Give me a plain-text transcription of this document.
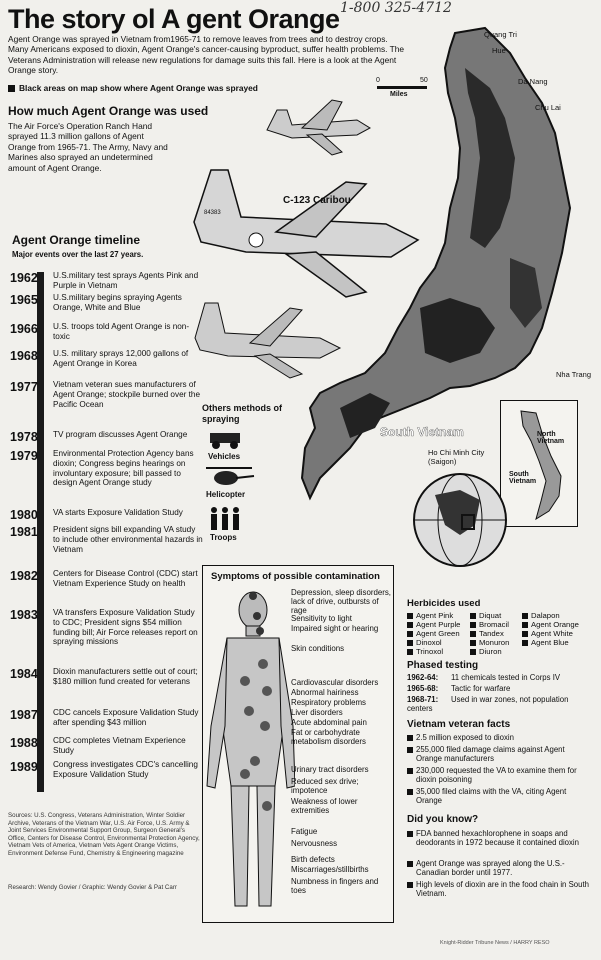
The story ol A gent Orange 1-800 325-4712
Agent Orange was sprayed in Vietnam from1965-71 to remove leaves from trees and to destroy crops. Many Americans exposed to dioxin, Agent Orange's cancer-causing byproduct, suffer health problems. The Veterans Administration will release new regulations for damage suits this fall. Here is a look at the Agent Orange story.
Black areas on map show where Agent Orange was sprayed
How much Agent Orange was used
The Air Force's Operation Ranch Hand sprayed 11.3 million gallons of Agent Orange from 1965-71. The Army, Navy and Marines also sprayed an undetermined amount of Agent Orange.
South Vietnam
0	50
Miles
Quang Tri
Hue
Da Nang
Chu Lai
Nha Trang
Ho Chi Minh City (Saigon)
North Vietnam
South Vietnam
84383
C-123 Caribou
Agent Orange timeline
Major events over the last 27 years.
1962 U.S.military test sprays Agents Pink and Purple in Vietnam
1965 U.S.military begins spraying Agents Orange, White and Blue
1966 U.S. troops told Agent Orange is non-toxic
1968 U.S. military sprays 12,000 gallons of Agent Orange in Korea
1977 Vietnam veteran sues manufacturers of Agent Orange; stockpile burned over the Pacific Ocean
1978 TV program discusses Agent Orange
1979 Environmental Protection Agency bans dioxin; Congress begins hearings on involuntary exposure; bill passed to design Agent Orange study
1980 VA starts Exposure Validation Study
1981 President signs bill expanding VA study to include other environmental hazards in Vietnam
1982 Centers for Disease Control (CDC) start Vietnam Experience Study on health
1983 VA transfers Exposure Validation Study to CDC; President signs $54 million funding bill; Air Force releases report on spraying missions
1984 Dioxin manufacturers settle out of court; $180 million fund created for veterans
1987 CDC cancels Exposure Validation Study after spending $43 million
1988 CDC completes Vietnam Experience Study
1989 Congress investigates CDC's cancelling Exposure Validation Study
Others methods of spraying
Vehicles
Helicopter
Troops
Symptoms of possible contamination
Depression, sleep disorders, lack of drive, outbursts of rage
Sensitivity to light
Impaired sight or hearing
Skin conditions
Cardiovascular disorders
Abnormal hairiness
Respiratory problems
Liver disorders
Acute abdominal pain
Fat or carbohydrate metabolism disorders
Urinary tract disorders
Reduced sex drive; impotence
Weakness of lower extremities
Fatigue
Nervousness
Birth defects
Miscarriages/stillbirths
Numbness in fingers and toes
Herbicides used
Agent Pink
Agent Purple
Agent Green
Dinoxol
Trinoxol
Diquat
Bromacil
Tandex
Monuron
Diuron
Dalapon
Agent Orange
Agent White
Agent Blue
Phased testing
1962-64: 11 chemicals tested in Corps IV
1965-68: Tactic for warfare
1968-71: Used in war zones, not population centers
Vietnam veteran facts
2.5 million exposed to dioxin
255,000 filed damage claims against Agent Orange manufacturers
230,000 requested the VA to examine them for dioxin poisoning
35,000 filed claims with the VA, citing Agent Orange
Did you know?
FDA banned hexachlorophene in soaps and deodorants in 1972 because it contained dioxin
Agent Orange was sprayed along the U.S.-Canadian border until 1977.
High levels of dioxin are in the food chain in South Vietnam.
Sources: U.S. Congress, Veterans Administration, Winter Soldier Archive, Veterans of the Vietnam War, U.S. Air Force, U.S. Army & Joint Services Environmental Support Group, Surgeon General's Office, Centers for Disease Control, Environmental Protection Agency, Vietnam Vets of America, Vietnam Vets Agent Orange Victims, Environment Defense Fund, Chemistry & Engineering magazine
Research: Wendy Govier / Graphic: Wendy Govier & Pat Carr
Knight-Ridder Tribune News / HARRY RESO
